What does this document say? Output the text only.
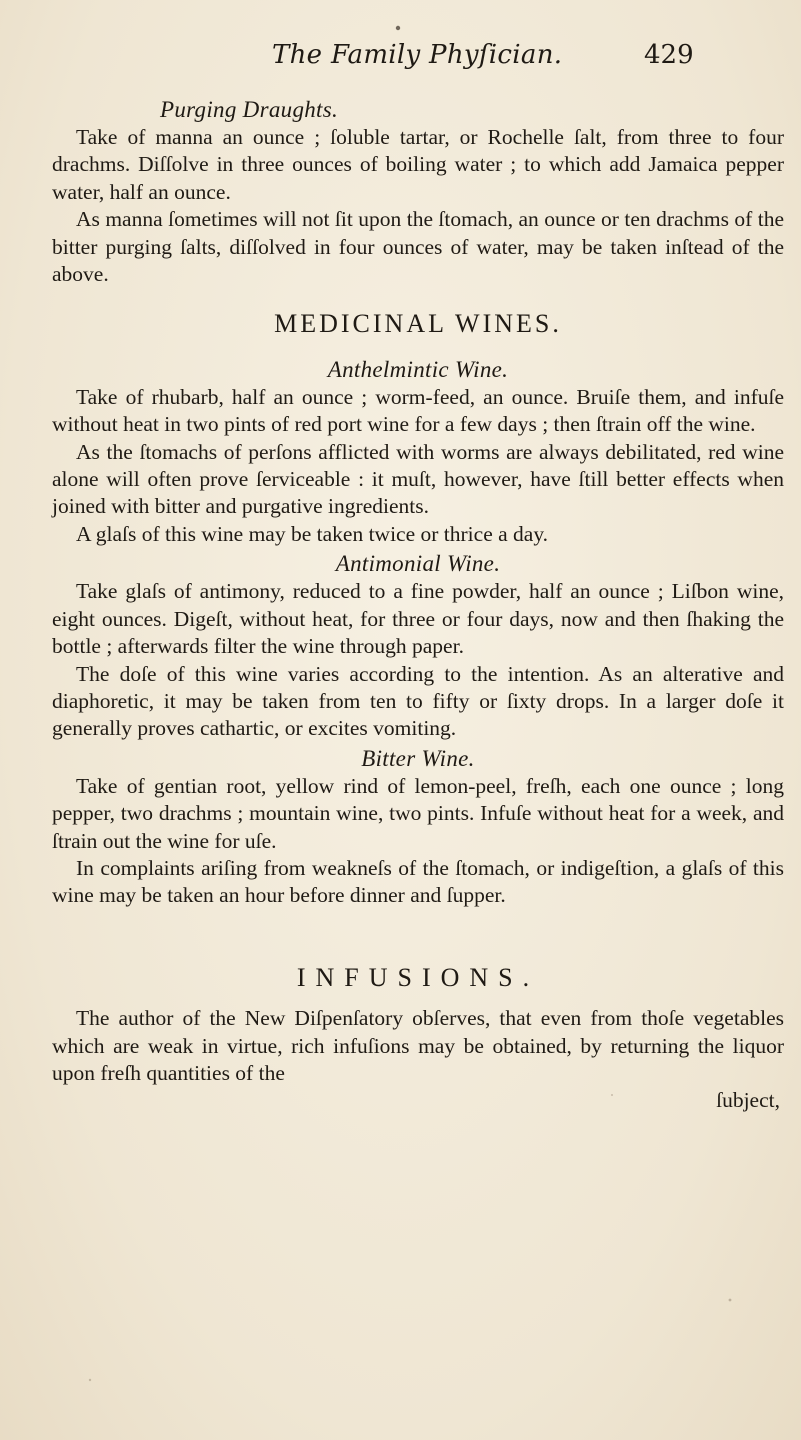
The Family Phyſician.	429
Purging Draughts.

Take of manna an ounce ; ſoluble tartar, or Rochelle ſalt, from three to four drachms. Diſſolve in three ounces of boiling water ; to which add Jamaica pepper water, half an ounce.

As manna ſometimes will not ſit upon the ſtomach, an ounce or ten drachms of the bitter purging ſalts, diſſolved in four ounces of water, may be taken inſtead of the above.

MEDICINAL WINES.
Anthelmintic Wine.

Take of rhubarb, half an ounce ; worm-feed, an ounce. Bruiſe them, and infuſe without heat in two pints of red port wine for a few days ; then ſtrain off the wine.

As the ſtomachs of perſons afflicted with worms are always debilitated, red wine alone will often prove ſerviceable : it muſt, however, have ſtill better effects when joined with bitter and purgative ingredients.

A glaſs of this wine may be taken twice or thrice a day.

Antimonial Wine.

Take glaſs of antimony, reduced to a fine powder, half an ounce ; Liſbon wine, eight ounces. Digeſt, without heat, for three or four days, now and then ſhaking the bottle ; afterwards filter the wine through paper.

The doſe of this wine varies according to the intention. As an alterative and diaphoretic, it may be taken from ten to fifty or ſixty drops. In a larger doſe it generally proves cathartic, or excites vomiting.

Bitter Wine.

Take of gentian root, yellow rind of lemon-peel, freſh, each one ounce ; long pepper, two drachms ; mountain wine, two pints. Infuſe without heat for a week, and ſtrain out the wine for uſe.

In complaints ariſing from weakneſs of the ſtomach, or indigeſtion, a glaſs of this wine may be taken an hour before dinner and ſupper.

INFUSIONS.

The author of the New Diſpenſatory obſerves, that even from thoſe vegetables which are weak in virtue, rich infuſions may be obtained, by returning the liquor upon freſh quantities of the

ſubject,
